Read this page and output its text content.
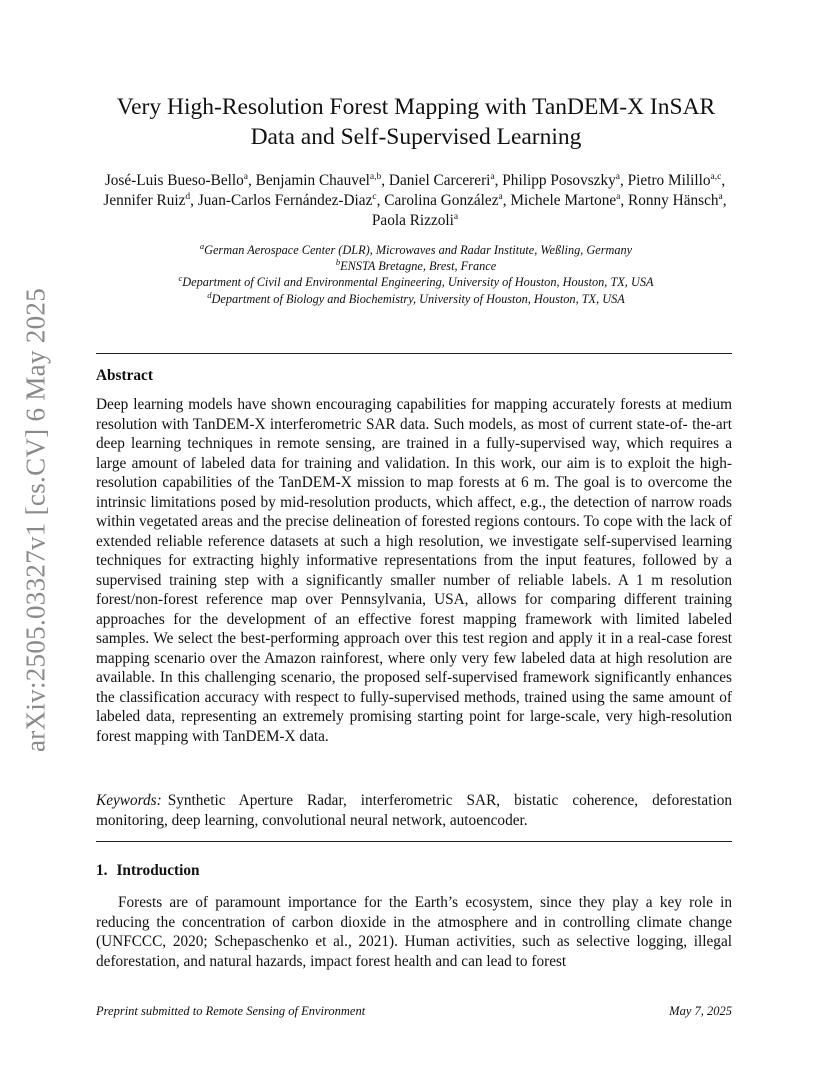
arXiv:2505.03327v1 [cs.CV] 6 May 2025
Very High-Resolution Forest Mapping with TanDEM-X InSAR
Data and Self-Supervised Learning
José-Luis Bueso-Bello$^a$, Benjamin Chauvel$^{a,b}$, Daniel Carcereri$^a$, Philipp Posovszky$^a$, Pietro Milillo$^{a,c}$, Jennifer Ruiz$^d$, Juan-Carlos Fernández-Diaz$^c$, Carolina González$^a$, Michele Martone$^a$, Ronny Hänsch$^a$, Paola Rizzoli$^a$
$^a$German Aerospace Center (DLR), Microwaves and Radar Institute, Weßling, Germany
$^b$ENSTA Bretagne, Brest, France
$^c$Department of Civil and Environmental Engineering, University of Houston, Houston, TX, USA
$^d$Department of Biology and Biochemistry, University of Houston, Houston, TX, USA
Abstract

Deep learning models have shown encouraging capabilities for mapping accurately forests at medium resolution with TanDEM-X interferometric SAR data. Such models, as most of current state-of- the-art deep learning techniques in remote sensing, are trained in a fully-supervised way, which requires a large amount of labeled data for training and validation. In this work, our aim is to exploit the high-resolution capabilities of the TanDEM-X mission to map forests at 6 m. The goal is to overcome the intrinsic limitations posed by mid-resolution products, which affect, e.g., the detection of narrow roads within vegetated areas and the precise delineation of forested regions contours. To cope with the lack of extended reliable reference datasets at such a high resolution, we investigate self-supervised learning techniques for extracting highly informative representations from the input features, followed by a supervised training step with a significantly smaller number of reliable labels. A 1 m resolution forest/non-forest reference map over Pennsylvania, USA, allows for comparing different training approaches for the development of an effective forest mapping framework with limited labeled samples. We select the best-performing approach over this test region and apply it in a real-case forest mapping scenario over the Amazon rainforest, where only very few labeled data at high resolution are available. In this challenging scenario, the proposed self-supervised framework significantly enhances the classification accuracy with respect to fully-supervised methods, trained using the same amount of labeled data, representing an extremely promising starting point for large-scale, very high-resolution forest mapping with TanDEM-X data.

Keywords: Synthetic Aperture Radar, interferometric SAR, bistatic coherence, deforestation monitoring, deep learning, convolutional neural network, autoencoder.

1. Introduction

Forests are of paramount importance for the Earth’s ecosystem, since they play a key role in reducing the concentration of carbon dioxide in the atmosphere and in controlling climate change (UNFCCC, 2020; Schepaschenko et al., 2021). Human activities, such as selective logging, illegal deforestation, and natural hazards, impact forest health and can lead to forest

Preprint submitted to Remote Sensing of Environment	May 7, 2025
